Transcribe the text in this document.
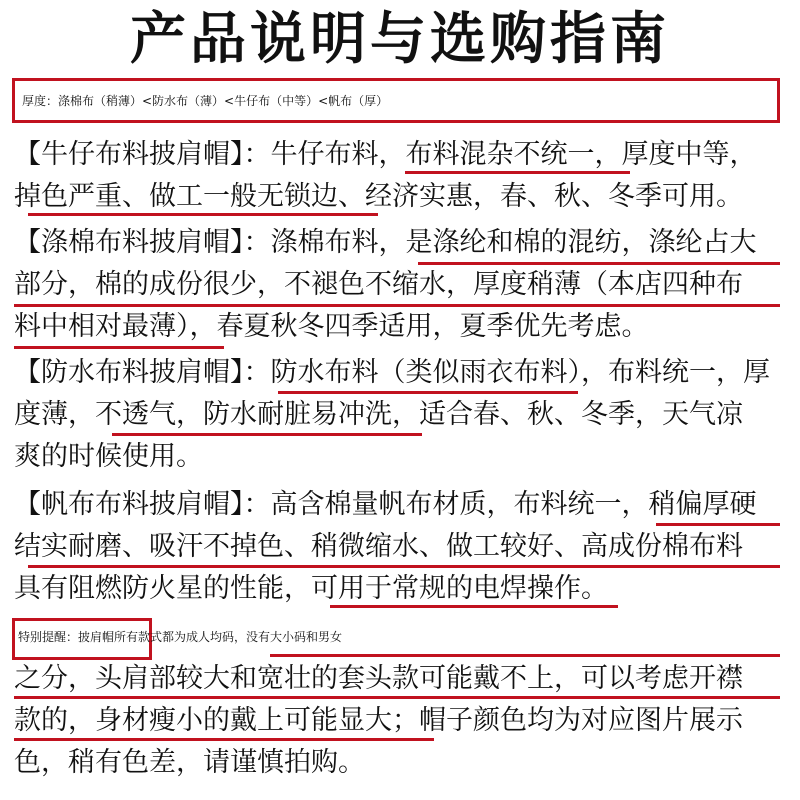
产品说明与选购指南
厚度：涤棉布（稍薄）<防水布（薄）<牛仔布（中等）<帆布（厚）
【牛仔布料披肩帽】：牛仔布料，布料混杂不统一，厚度中等，
掉色严重、做工一般无锁边、经济实惠，春、秋、冬季可用。
【涤棉布料披肩帽】：涤棉布料，是涤纶和棉的混纺，涤纶占大
部分，棉的成份很少，不褪色不缩水，厚度稍薄（本店四种布
料中相对最薄），春夏秋冬四季适用，夏季优先考虑。
【防水布料披肩帽】：防水布料（类似雨衣布料），布料统一，厚
度薄，不透气，防水耐脏易冲洗，适合春、秋、冬季，天气凉
爽的时候使用。
【帆布布料披肩帽】：高含棉量帆布材质，布料统一，稍偏厚硬
结实耐磨、吸汗不掉色、稍微缩水、做工较好、高成份棉布料
具有阻燃防火星的性能，可用于常规的电焊操作。
特别提醒：披肩帽所有款式都为成人均码，没有大小码和男女
之分，头肩部较大和宽壮的套头款可能戴不上，可以考虑开襟
款的，身材瘦小的戴上可能显大；帽子颜色均为对应图片展示
色，稍有色差，请谨慎拍购。
